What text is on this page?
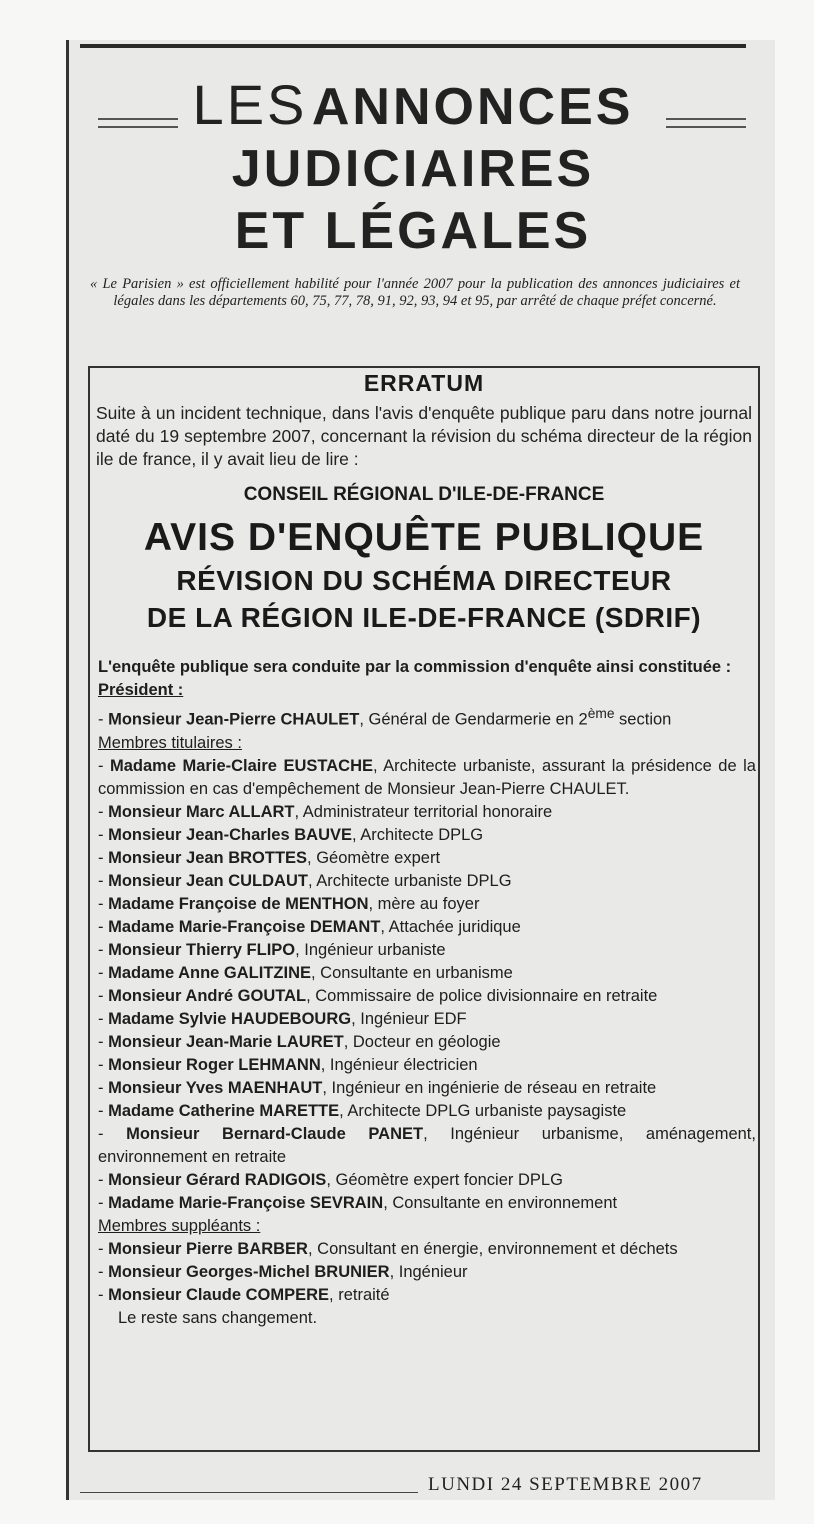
LES ANNONCES
JUDICIAIRES
ET LÉGALES
« Le Parisien » est officiellement habilité pour l'année 2007 pour la publication des annonces judiciaires et légales dans les départements 60, 75, 77, 78, 91, 92, 93, 94 et 95, par arrêté de chaque préfet concerné.
ERRATUM
Suite à un incident technique, dans l'avis d'enquête publique paru dans notre journal daté du 19 septembre 2007, concernant la révision du schéma directeur de la région ile de france, il y avait lieu de lire :
CONSEIL RÉGIONAL D'ILE-DE-FRANCE
AVIS D'ENQUÊTE PUBLIQUE
RÉVISION DU SCHÉMA DIRECTEUR
DE LA RÉGION ILE-DE-FRANCE (SDRIF)
L'enquête publique sera conduite par la commission d'enquête ainsi constituée :
Président :
- Monsieur Jean-Pierre CHAULET, Général de Gendarmerie en 2ème section
Membres titulaires :
- Madame Marie-Claire EUSTACHE, Architecte urbaniste, assurant la présidence de la commission en cas d'empêchement de Monsieur Jean-Pierre CHAULET.
- Monsieur Marc ALLART, Administrateur territorial honoraire
- Monsieur Jean-Charles BAUVE, Architecte DPLG
- Monsieur Jean BROTTES, Géomètre expert
- Monsieur Jean CULDAUT, Architecte urbaniste DPLG
- Madame Françoise de MENTHON, mère au foyer
- Madame Marie-Françoise DEMANT, Attachée juridique
- Monsieur Thierry FLIPO, Ingénieur urbaniste
- Madame Anne GALITZINE, Consultante en urbanisme
- Monsieur André GOUTAL, Commissaire de police divisionnaire en retraite
- Madame Sylvie HAUDEBOURG, Ingénieur EDF
- Monsieur Jean-Marie LAURET, Docteur en géologie
- Monsieur Roger LEHMANN, Ingénieur électricien
- Monsieur Yves MAENHAUT, Ingénieur en ingénierie de réseau en retraite
- Madame Catherine MARETTE, Architecte DPLG urbaniste paysagiste
- Monsieur Bernard-Claude PANET, Ingénieur urbanisme, aménagement, environnement en retraite
- Monsieur Gérard RADIGOIS, Géomètre expert foncier DPLG
- Madame Marie-Françoise SEVRAIN, Consultante en environnement
Membres suppléants :
- Monsieur Pierre BARBER, Consultant en énergie, environnement et déchets
- Monsieur Georges-Michel BRUNIER, Ingénieur
- Monsieur Claude COMPERE, retraité
Le reste sans changement.
LUNDI 24 SEPTEMBRE 2007
